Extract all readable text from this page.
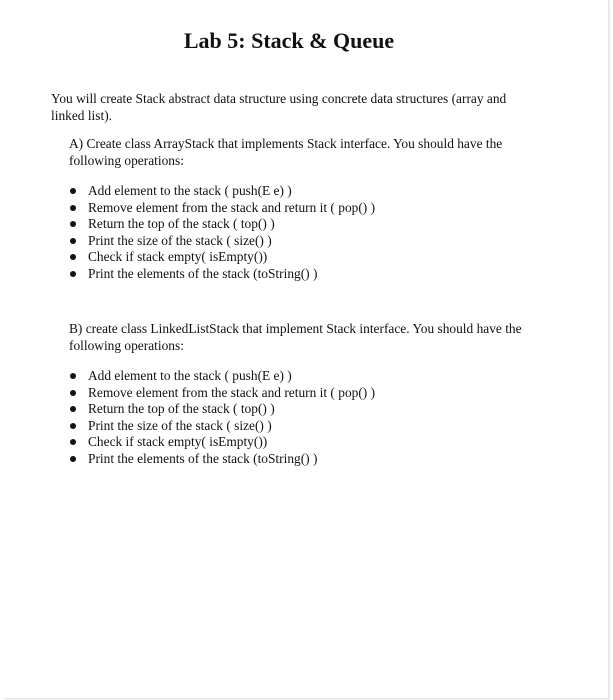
Lab 5: Stack & Queue
You will create Stack abstract data structure using concrete data structures (array and linked list).
A) Create class ArrayStack that implements Stack interface. You should have the following operations:
Add element to the stack ( push(E e) )
Remove element from the stack and return it ( pop() )
Return the top of the stack ( top() )
Print the size of the stack ( size() )
Check if stack empty( isEmpty())
Print the elements of the stack (toString() )
B) create class LinkedListStack that implement Stack interface. You should have the following operations:
Add element to the stack ( push(E e) )
Remove element from the stack and return it ( pop() )
Return the top of the stack ( top() )
Print the size of the stack ( size() )
Check if stack empty( isEmpty())
Print the elements of the stack (toString() )
